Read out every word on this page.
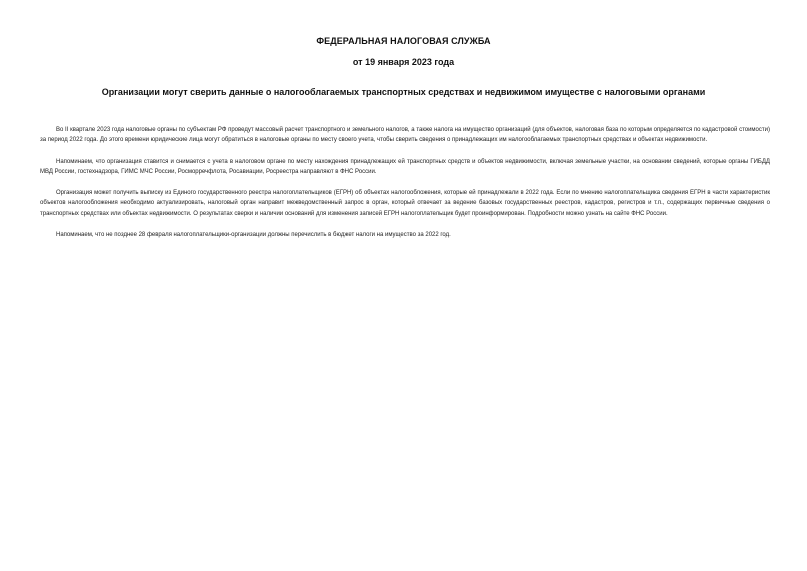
ФЕДЕРАЛЬНАЯ НАЛОГОВАЯ СЛУЖБА
от 19 января 2023 года
Организации могут сверить данные о налогооблагаемых транспортных средствах и недвижимом имуществе с налоговыми органами

Во II квартале 2023 года налоговые органы по субъектам РФ проведут массовый расчет транспортного и земельного налогов, а также налога на имущество организаций (для объектов, налоговая база по которым определяется по кадастровой стоимости) за период 2022 года. До этого времени юридические лица могут обратиться в налоговые органы по месту своего учета, чтобы сверить сведения о принадлежащих им налогооблагаемых транспортных средствах и объектах недвижимости.

Напоминаем, что организация ставится и снимается с учета в налоговом органе по месту нахождения принадлежащих ей транспортных средств и объектов недвижимости, включая земельные участки, на основании сведений, которые органы ГИБДД МВД России, гостехнадзора, ГИМС МЧС России, Росморречфлота, Росавиации, Росреестра направляют в ФНС России.

Организация может получить выписку из Единого государственного реестра налогоплательщиков (ЕГРН) об объектах налогообложения, которые ей принадлежали в 2022 года. Если по мнению налогоплательщика сведения ЕГРН в части характеристик объектов налогообложения необходимо актуализировать, налоговый орган направит межведомственный запрос в орган, который отвечает за ведение базовых государственных реестров, кадастров, регистров и т.п., содержащих первичные сведения о транспортных средствах или объектах недвижимости. О результатах сверки и наличии оснований для изменения записей ЕГРН налогоплательщик будет проинформирован. Подробности можно узнать на сайте ФНС России.

Напоминаем, что не позднее 28 февраля налогоплательщики-организации должны перечислить в бюджет налоги на имущество за 2022 год.
